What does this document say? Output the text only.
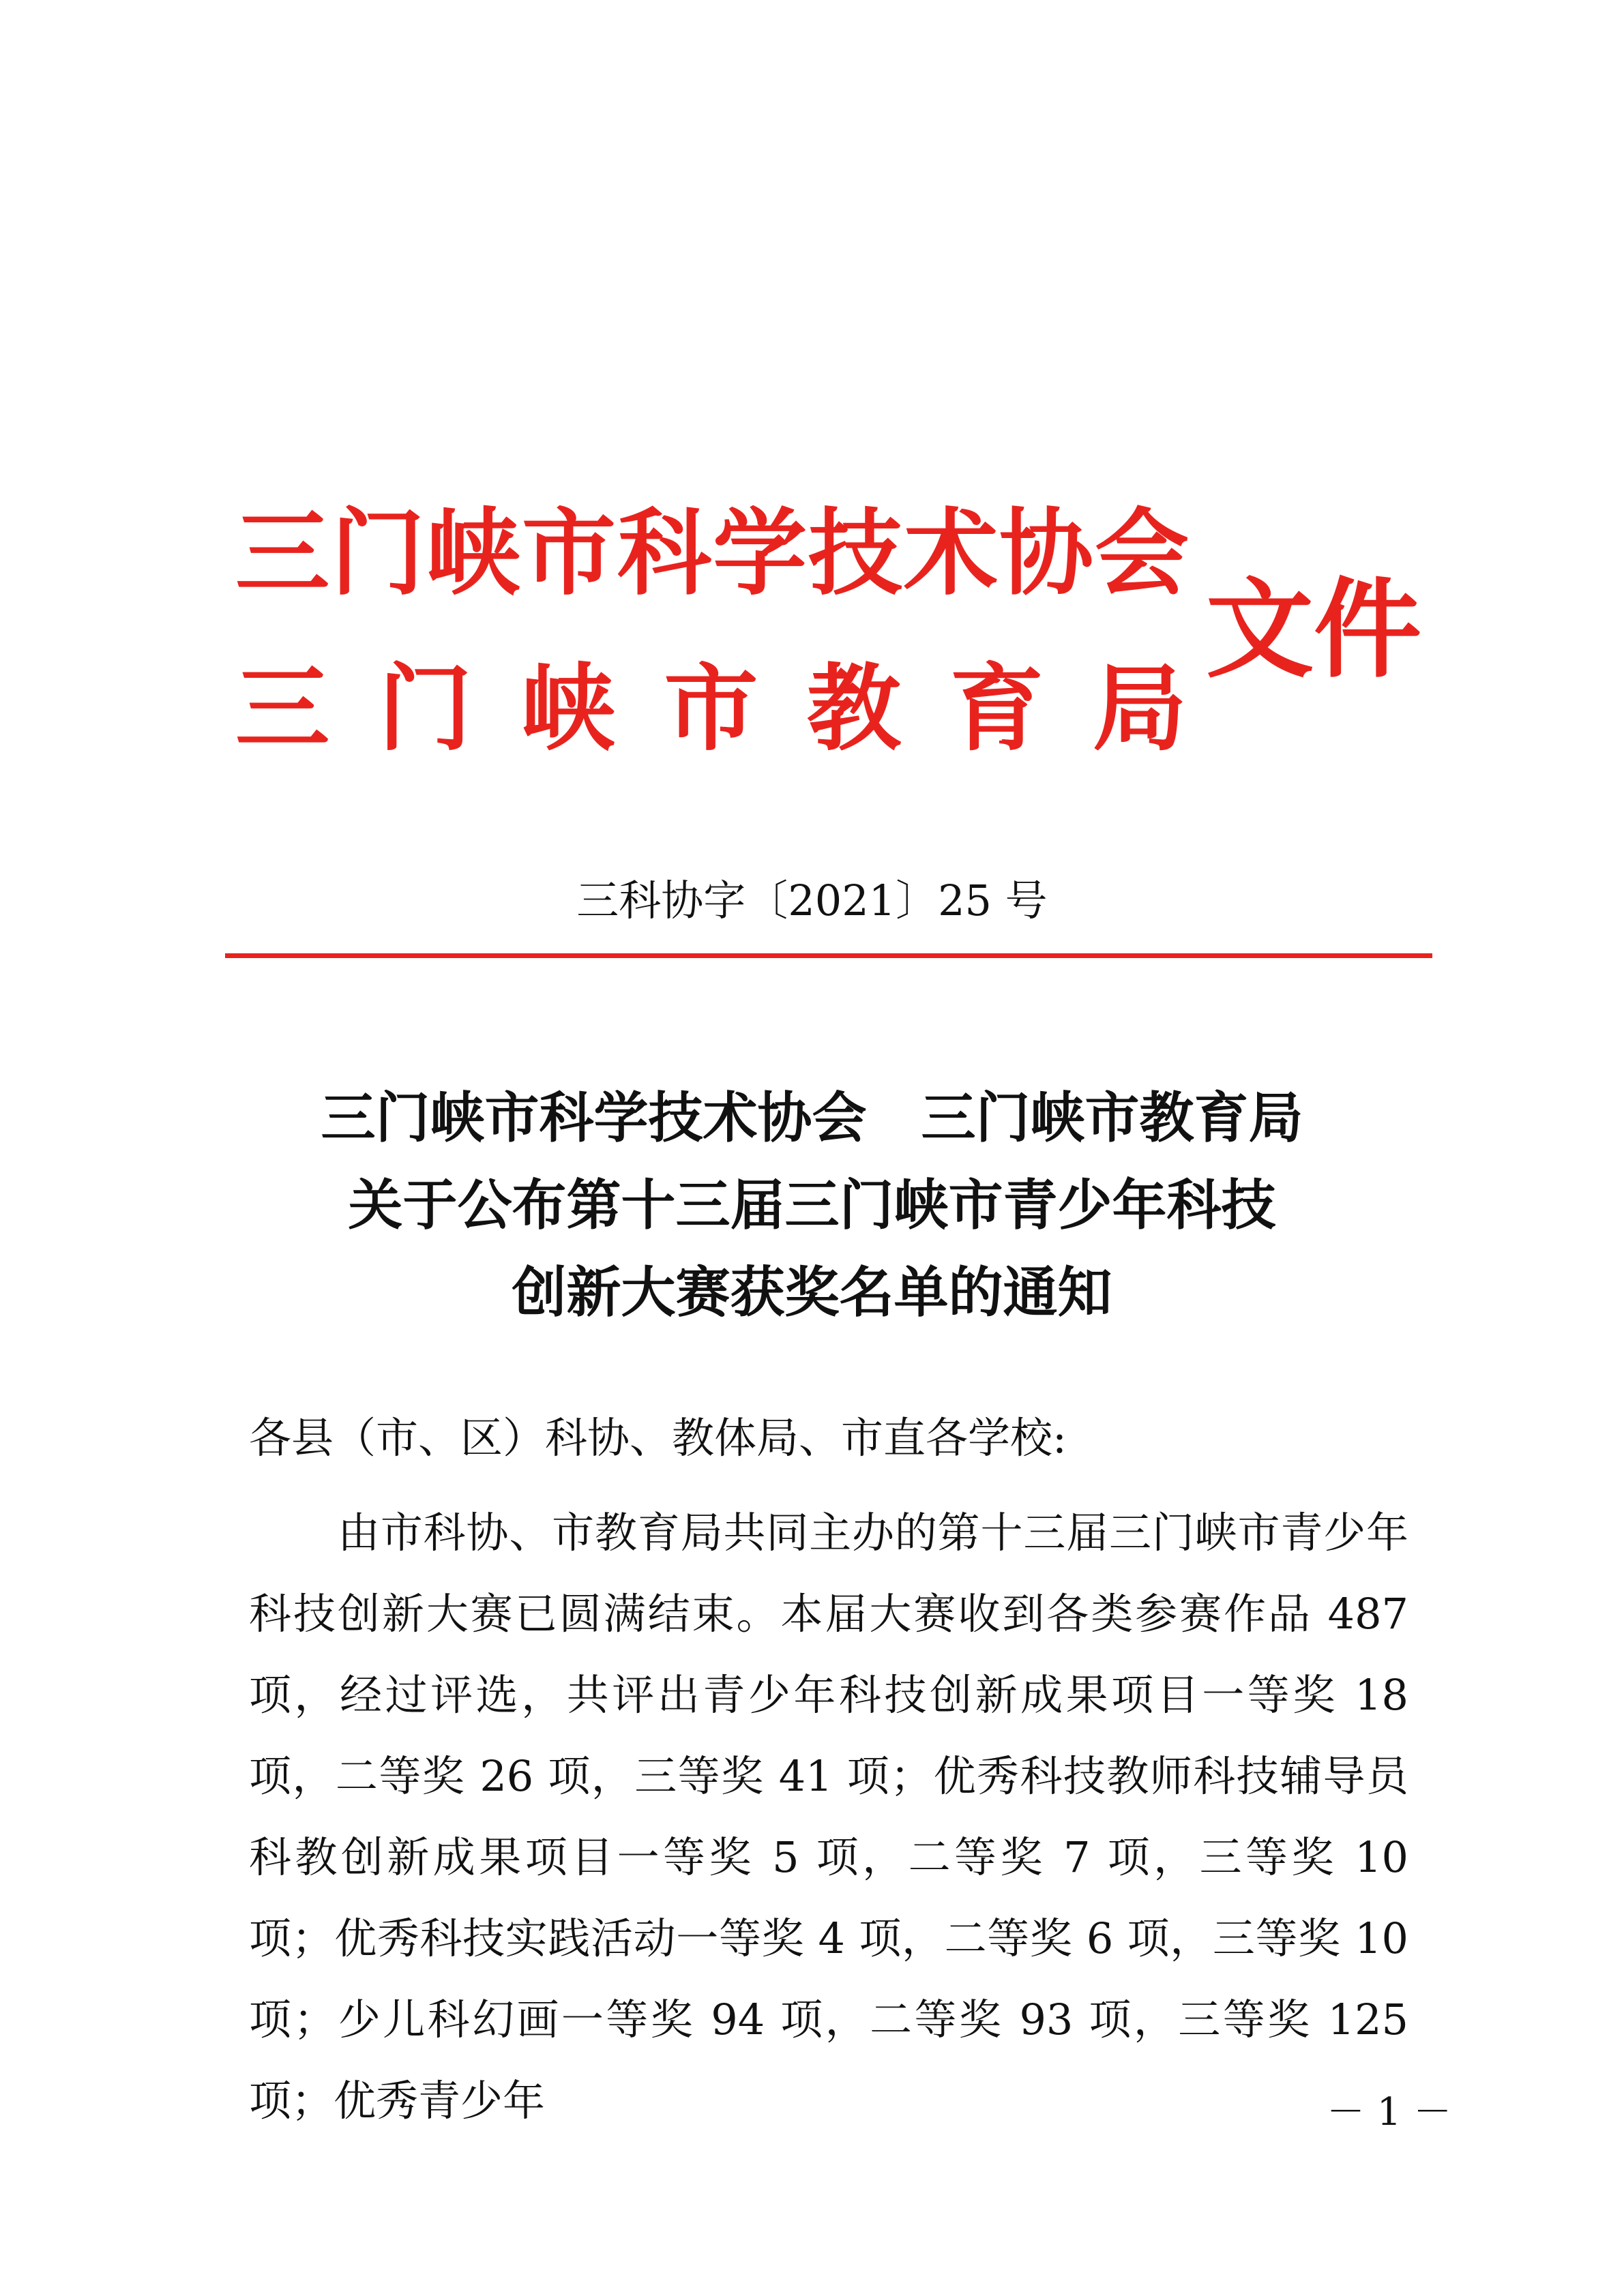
三门峡市科学技术协会
三 门 峡 市 教 育 局
文件
三科协字〔2021〕25 号
三门峡市科学技术协会　三门峡市教育局
关于公布第十三届三门峡市青少年科技
创新大赛获奖名单的通知
各县（市、区）科协、教体局、市直各学校:
由市科协、市教育局共同主办的第十三届三门峡市青少年科技创新大赛已圆满结束。本届大赛收到各类参赛作品 487 项，经过评选，共评出青少年科技创新成果项目一等奖 18 项，二等奖 26 项，三等奖 41 项；优秀科技教师科技辅导员科教创新成果项目一等奖 5 项，二等奖 7 项，三等奖 10 项；优秀科技实践活动一等奖 4 项，二等奖 6 项，三等奖 10 项；少儿科幻画一等奖 94 项，二等奖 93 项，三等奖 125 项；优秀青少年	－ 1 －
